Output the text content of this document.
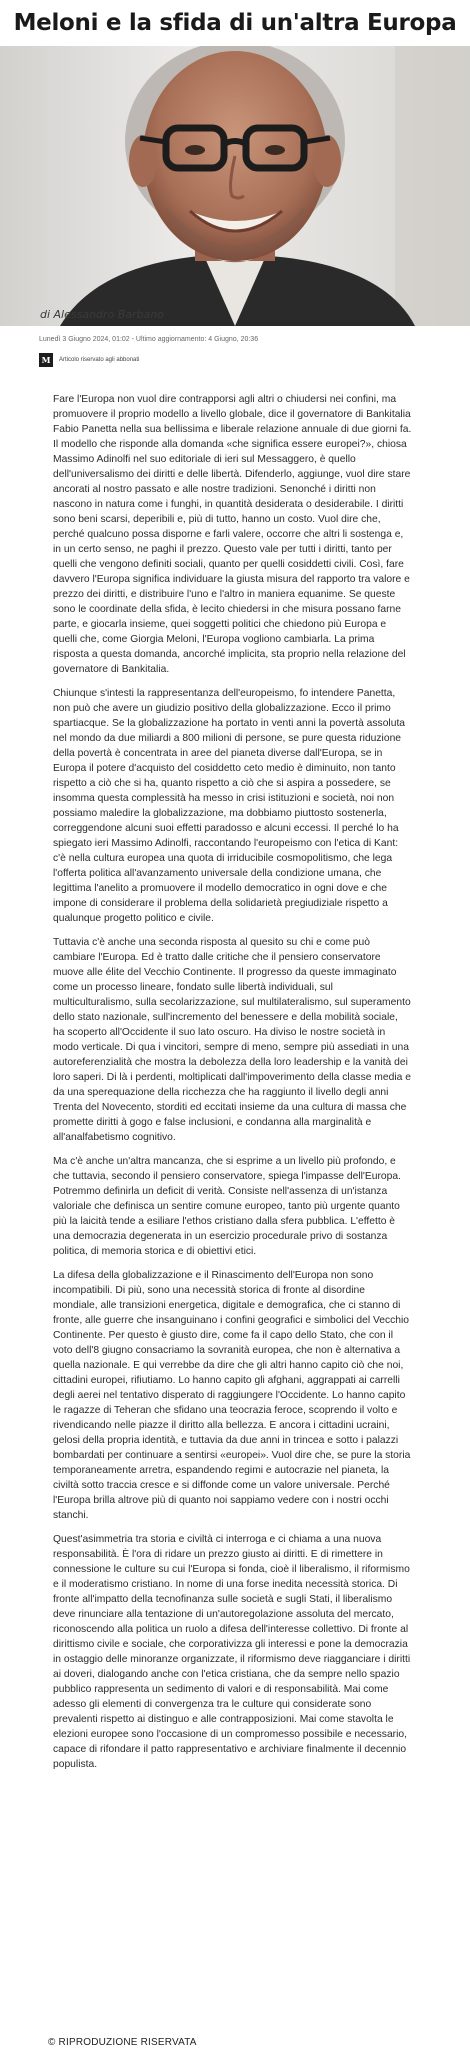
Meloni e la sfida di un'altra Europa
di Alessandro Barbano
Lunedì 3 Giugno 2024, 01:02 - Ultimo aggiornamento: 4 Giugno, 20:36
M	Articolo riservato agli abbonati

Fare l'Europa non vuol dire contrapporsi agli altri o chiudersi nei confini, ma promuovere il proprio modello a livello globale, dice il governatore di Bankitalia Fabio Panetta nella sua bellissima e liberale relazione annuale di due giorni fa. Il modello che risponde alla domanda «che significa essere europei?», chiosa Massimo Adinolfi nel suo editoriale di ieri sul Messaggero, è quello dell'universalismo dei diritti e delle libertà. Difenderlo, aggiunge, vuol dire stare ancorati al nostro passato e alle nostre tradizioni. Senonché i diritti non nascono in natura come i funghi, in quantità desiderata o desiderabile. I diritti sono beni scarsi, deperibili e, più di tutto, hanno un costo. Vuol dire che, perché qualcuno possa disporne e farli valere, occorre che altri li sostenga e, in un certo senso, ne paghi il prezzo. Questo vale per tutti i diritti, tanto per quelli che vengono definiti sociali, quanto per quelli cosiddetti civili. Così, fare davvero l'Europa significa individuare la giusta misura del rapporto tra valore e prezzo dei diritti, e distribuire l'uno e l'altro in maniera equanime. Se queste sono le coordinate della sfida, è lecito chiedersi in che misura possano farne parte, e giocarla insieme, quei soggetti politici che chiedono più Europa e quelli che, come Giorgia Meloni, l'Europa vogliono cambiarla. La prima risposta a questa domanda, ancorché implicita, sta proprio nella relazione del governatore di Bankitalia.

Chiunque s'intesti la rappresentanza dell'europeismo, fo intendere Panetta, non può che avere un giudizio positivo della globalizzazione. Ecco il primo spartiacque. Se la globalizzazione ha portato in venti anni la povertà assoluta nel mondo da due miliardi a 800 milioni di persone, se pure questa riduzione della povertà è concentrata in aree del pianeta diverse dall'Europa, se in Europa il potere d'acquisto del cosiddetto ceto medio è diminuito, non tanto rispetto a ciò che si ha, quanto rispetto a ciò che si aspira a possedere, se insomma questa complessità ha messo in crisi istituzioni e società, noi non possiamo maledire la globalizzazione, ma dobbiamo piuttosto sostenerla, correggendone alcuni suoi effetti paradosso e alcuni eccessi. Il perché lo ha spiegato ieri Massimo Adinolfi, raccontando l'europeismo con l'etica di Kant: c'è nella cultura europea una quota di irriducibile cosmopolitismo, che lega l'offerta politica all'avanzamento universale della condizione umana, che legittima l'anelito a promuovere il modello democratico in ogni dove e che impone di considerare il problema della solidarietà pregiudiziale rispetto a qualunque progetto politico e civile.

Tuttavia c'è anche una seconda risposta al quesito su chi e come può cambiare l'Europa. Ed è tratto dalle critiche che il pensiero conservatore muove alle élite del Vecchio Continente. Il progresso da queste immaginato come un processo lineare, fondato sulle libertà individuali, sul multiculturalismo, sulla secolarizzazione, sul multilateralismo, sul superamento dello stato nazionale, sull'incremento del benessere e della mobilità sociale, ha scoperto all'Occidente il suo lato oscuro. Ha diviso le nostre società in modo verticale. Di qua i vincitori, sempre di meno, sempre più assediati in una autoreferenzialità che mostra la debolezza della loro leadership e la vanità dei loro saperi. Di là i perdenti, moltiplicati dall'impoverimento della classe media e da una sperequazione della ricchezza che ha raggiunto il livello degli anni Trenta del Novecento, storditi ed eccitati insieme da una cultura di massa che promette diritti à gogo e false inclusioni, e condanna alla marginalità e all'analfabetismo cognitivo.

Ma c'è anche un'altra mancanza, che si esprime a un livello più profondo, e che tuttavia, secondo il pensiero conservatore, spiega l'impasse dell'Europa. Potremmo definirla un deficit di verità. Consiste nell'assenza di un'istanza valoriale che definisca un sentire comune europeo, tanto più urgente quanto più la laicità tende a esiliare l'ethos cristiano dalla sfera pubblica. L'effetto è una democrazia degenerata in un esercizio procedurale privo di sostanza politica, di memoria storica e di obiettivi etici.

La difesa della globalizzazione e il Rinascimento dell'Europa non sono incompatibili. Di più, sono una necessità storica di fronte al disordine mondiale, alle transizioni energetica, digitale e demografica, che ci stanno di fronte, alle guerre che insanguinano i confini geografici e simbolici del Vecchio Continente. Per questo è giusto dire, come fa il capo dello Stato, che con il voto dell'8 giugno consacriamo la sovranità europea, che non è alternativa a quella nazionale. E qui verrebbe da dire che gli altri hanno capito ciò che noi, cittadini europei, rifiutiamo. Lo hanno capito gli afghani, aggrappati ai carrelli degli aerei nel tentativo disperato di raggiungere l'Occidente. Lo hanno capito le ragazze di Teheran che sfidano una teocrazia feroce, scoprendo il volto e rivendicando nelle piazze il diritto alla bellezza. E ancora i cittadini ucraini, gelosi della propria identità, e tuttavia da due anni in trincea e sotto i palazzi bombardati per continuare a sentirsi «europei». Vuol dire che, se pure la storia temporaneamente arretra, espandendo regimi e autocrazie nel pianeta, la civiltà sotto traccia cresce e si diffonde come un valore universale. Perché l'Europa brilla altrove più di quanto noi sappiamo vedere con i nostri occhi stanchi.

Quest'asimmetria tra storia e civiltà ci interroga e ci chiama a una nuova responsabilità. È l'ora di ridare un prezzo giusto ai diritti. E di rimettere in connessione le culture su cui l'Europa si fonda, cioè il liberalismo, il riformismo e il moderatismo cristiano. In nome di una forse inedita necessità storica. Di fronte all'impatto della tecnofinanza sulle società e sugli Stati, il liberalismo deve rinunciare alla tentazione di un'autoregolazione assoluta del mercato, riconoscendo alla politica un ruolo a difesa dell'interesse collettivo. Di fronte al dirittismo civile e sociale, che corporativizza gli interessi e pone la democrazia in ostaggio delle minoranze organizzate, il riformismo deve riagganciare i diritti ai doveri, dialogando anche con l'etica cristiana, che da sempre nello spazio pubblico rappresenta un sedimento di valori e di responsabilità. Mai come adesso gli elementi di convergenza tra le culture qui considerate sono prevalenti rispetto ai distinguo e alle contrapposizioni. Mai come stavolta le elezioni europee sono l'occasione di un compromesso possibile e necessario, capace di rifondare il patto rappresentativo e archiviare finalmente il decennio populista.

© RIPRODUZIONE RISERVATA
